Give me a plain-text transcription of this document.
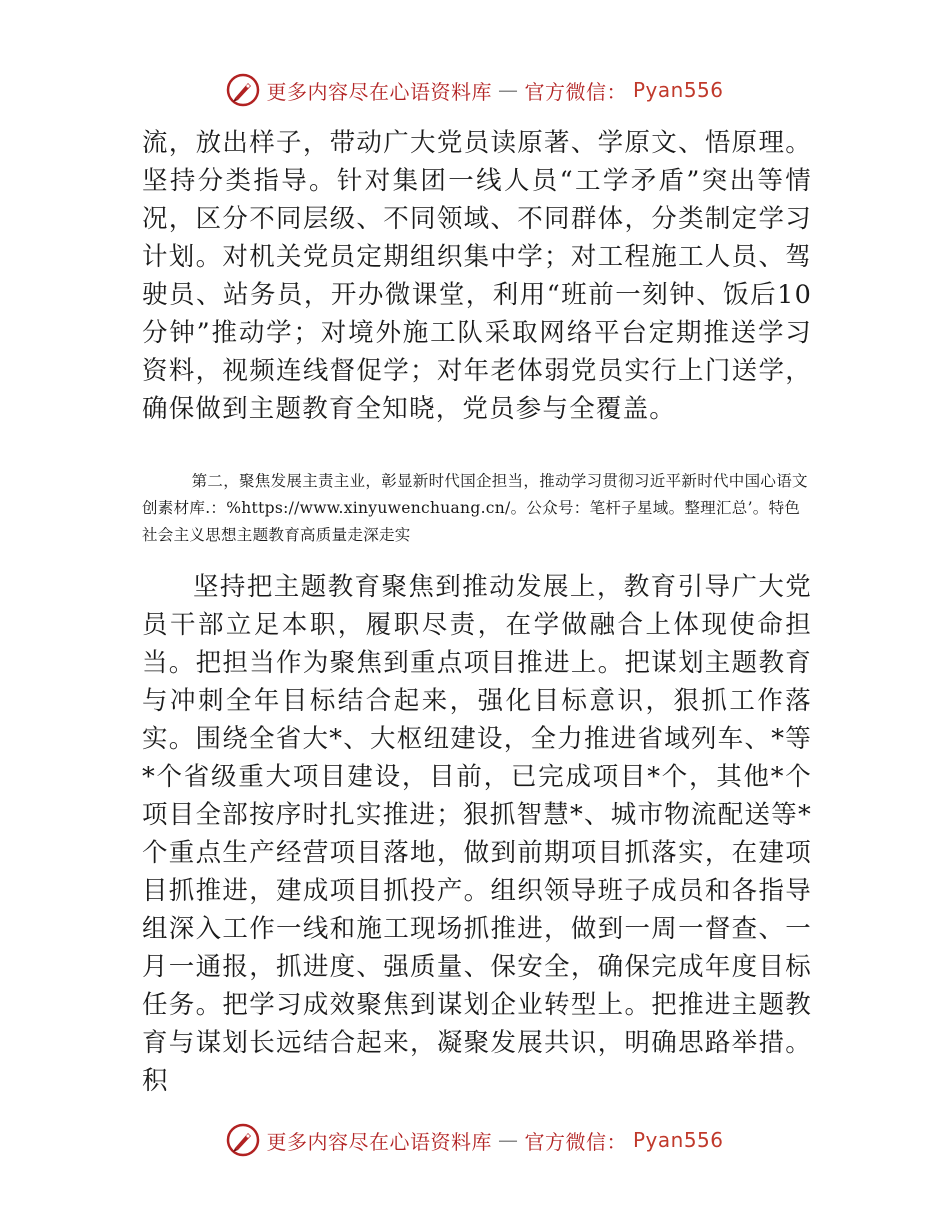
更多内容尽在心语资料库 — 官方微信： Pyan556

流，放出样子，带动广大党员读原著、学原文、悟原理。坚持分类指导。针对集团一线人员“工学矛盾”突出等情况，区分不同层级、不同领域、不同群体，分类制定学习计划。对机关党员定期组织集中学；对工程施工人员、驾驶员、站务员，开办微课堂，利用“班前一刻钟、饭后10分钟”推动学；对境外施工队采取网络平台定期推送学习资料，视频连线督促学；对年老体弱党员实行上门送学，确保做到主题教育全知晓，党员参与全覆盖。

第二，聚焦发展主责主业，彰显新时代国企担当，推动学习贯彻习近平新时代中国心语文创素材库.：%https://www.xinyuwenchuang.cn/。公众号：笔杆子星域。整理汇总’。特色社会主义思想主题教育高质量走深走实

坚持把主题教育聚焦到推动发展上，教育引导广大党员干部立足本职，履职尽责，在学做融合上体现使命担当。把担当作为聚焦到重点项目推进上。把谋划主题教育与冲刺全年目标结合起来，强化目标意识，狠抓工作落实。围绕全省大*、大枢纽建设，全力推进省域列车、*等*个省级重大项目建设，目前，已完成项目*个，其他*个项目全部按序时扎实推进；狠抓智慧*、城市物流配送等*个重点生产经营项目落地，做到前期项目抓落实，在建项目抓推进，建成项目抓投产。组织领导班子成员和各指导组深入工作一线和施工现场抓推进，做到一周一督查、一月一通报，抓进度、强质量、保安全，确保完成年度目标任务。把学习成效聚焦到谋划企业转型上。把推进主题教育与谋划长远结合起来，凝聚发展共识，明确思路举措。积

更多内容尽在心语资料库 — 官方微信： Pyan556
